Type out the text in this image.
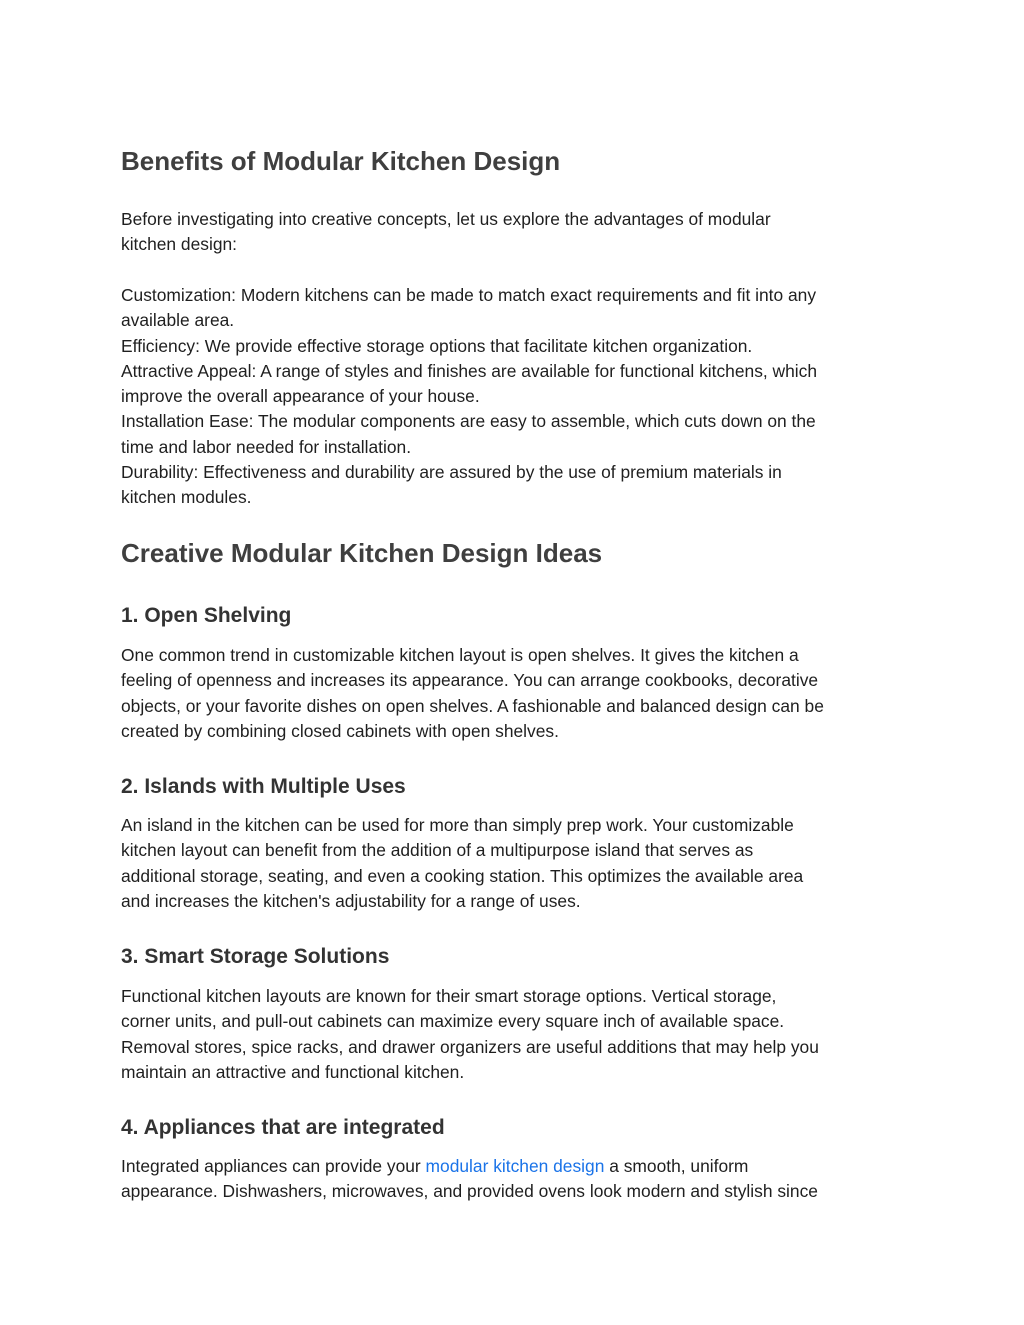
Benefits of Modular Kitchen Design
Before investigating into creative concepts, let us explore the advantages of modular
kitchen design:
Customization: Modern kitchens can be made to match exact requirements and fit into any
available area.
Efficiency: We provide effective storage options that facilitate kitchen organization.
Attractive Appeal: A range of styles and finishes are available for functional kitchens, which
improve the overall appearance of your house.
Installation Ease: The modular components are easy to assemble, which cuts down on the
time and labor needed for installation.
Durability: Effectiveness and durability are assured by the use of premium materials in
kitchen modules.
Creative Modular Kitchen Design Ideas
1. Open Shelving
One common trend in customizable kitchen layout is open shelves. It gives the kitchen a
feeling of openness and increases its appearance. You can arrange cookbooks, decorative
objects, or your favorite dishes on open shelves. A fashionable and balanced design can be
created by combining closed cabinets with open shelves.
2. Islands with Multiple Uses
An island in the kitchen can be used for more than simply prep work. Your customizable
kitchen layout can benefit from the addition of a multipurpose island that serves as
additional storage, seating, and even a cooking station. This optimizes the available area
and increases the kitchen's adjustability for a range of uses.
3. Smart Storage Solutions
Functional kitchen layouts are known for their smart storage options. Vertical storage,
corner units, and pull-out cabinets can maximize every square inch of available space.
Removal stores, spice racks, and drawer organizers are useful additions that may help you
maintain an attractive and functional kitchen.
4. Appliances that are integrated
Integrated appliances can provide your modular kitchen design a smooth, uniform
appearance. Dishwashers, microwaves, and provided ovens look modern and stylish since
